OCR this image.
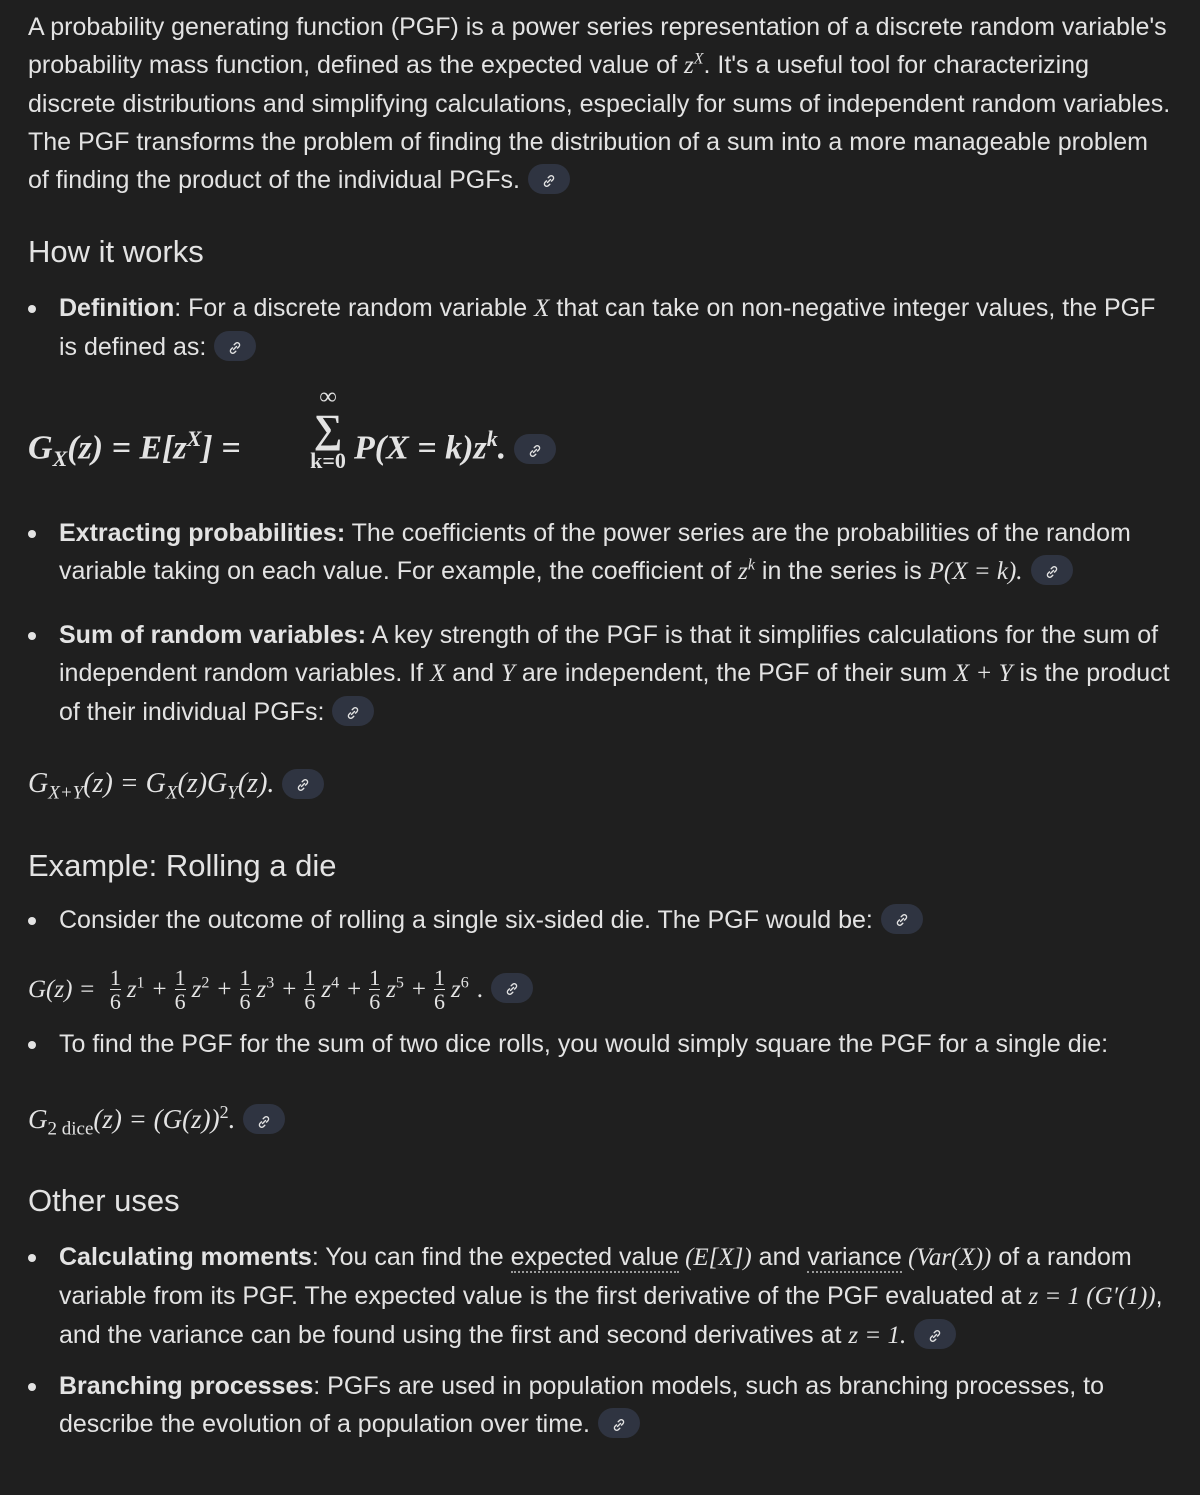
A probability generating function (PGF) is a power series representation of a discrete random variable's probability mass function, defined as the expected value of $z^X$. It's a useful tool for characterizing discrete distributions and simplifying calculations, especially for sums of independent random variables. The PGF transforms the problem of finding the distribution of a sum into a more manageable problem of finding the product of the individual PGFs.

How it works
Definition: For a discrete random variable X that can take on non-negative integer values, the PGF is defined as:
$G_X(z) = E[z^X]$ =
∞
∑
k=0 $P(X = k)z^k$.
Extracting probabilities: The coefficients of the power series are the probabilities of the random variable taking on each value. For example, the coefficient of $z^k$ in the series is P(X = k).
Sum of random variables: A key strength of the PGF is that it simplifies calculations for the sum of independent random variables. If X and Y are independent, the PGF of their sum X + Y is the product of their individual PGFs:
$G_{X+Y}(z) = G_X(z)G_Y(z)$.
Example: Rolling a die
Consider the outcome of rolling a single six-sided die. The PGF would be:
$G(z) = \frac{1}{6} z^1 + \frac{1}{6} z^2 + \frac{1}{6} z^3 + \frac{1}{6} z^4 + \frac{1}{6} z^5 + \frac{1}{6} z^6$ .
To find the PGF for the sum of two dice rolls, you would simply square the PGF for a single die:
$G_{2 dice}(z) = (G(z))^2$.
Other uses
Calculating moments: You can find the expected value (E[X]) and variance (Var(X)) of a random variable from its PGF. The expected value is the first derivative of the PGF evaluated at z = 1 (G′(1)), and the variance can be found using the first and second derivatives at z = 1.
Branching processes: PGFs are used in population models, such as branching processes, to describe the evolution of a population over time.
